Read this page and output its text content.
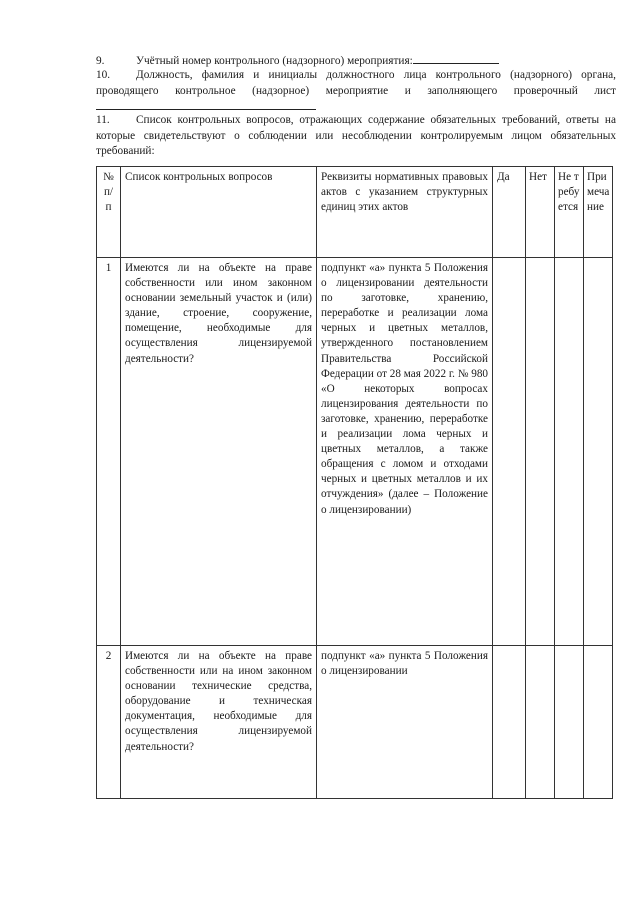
9.	Учётный номер контрольного (надзорного) мероприятия:
10. Должность, фамилия и инициалы должностного лица контрольного (надзорного) органа, проводящего контрольное (надзорное) мероприятие и заполняющего проверочный лист
11. Список контрольных вопросов, отражающих содержание обязательных требований, ответы на которые свидетельствуют о соблюдении или несоблюдении контролируемым лицом обязательных требований:
№ п/п	Список контрольных вопросов	Реквизиты нормативных правовых актов с указанием структурных единиц этих актов	Да	Нет	Не требуется	Примечание
1	Имеются ли на объекте на праве собственности или ином законном основании земельный участок и (или) здание, строение, сооружение, помещение, необходимые для осуществления лицензируемой деятельности?	подпункт «а» пункта 5 Положения о лицензировании деятельности по заготовке, хранению, переработке и реализации лома черных и цветных металлов, утвержденного постановлением Правительства Российской Федерации от 28 мая 2022 г. № 980 «О некоторых вопросах лицензирования деятельности по заготовке, хранению, переработке и реализации лома черных и цветных металлов, а также обращения с ломом и отходами черных и цветных металлов и их отчуждения» (далее – Положение о лицензировании)				
2	Имеются ли на объекте на праве собственности или на ином законном основании технические средства, оборудование и техническая документация, необходимые для осуществления лицензируемой деятельности?	подпункт «а» пункта 5 Положения о лицензировании				
